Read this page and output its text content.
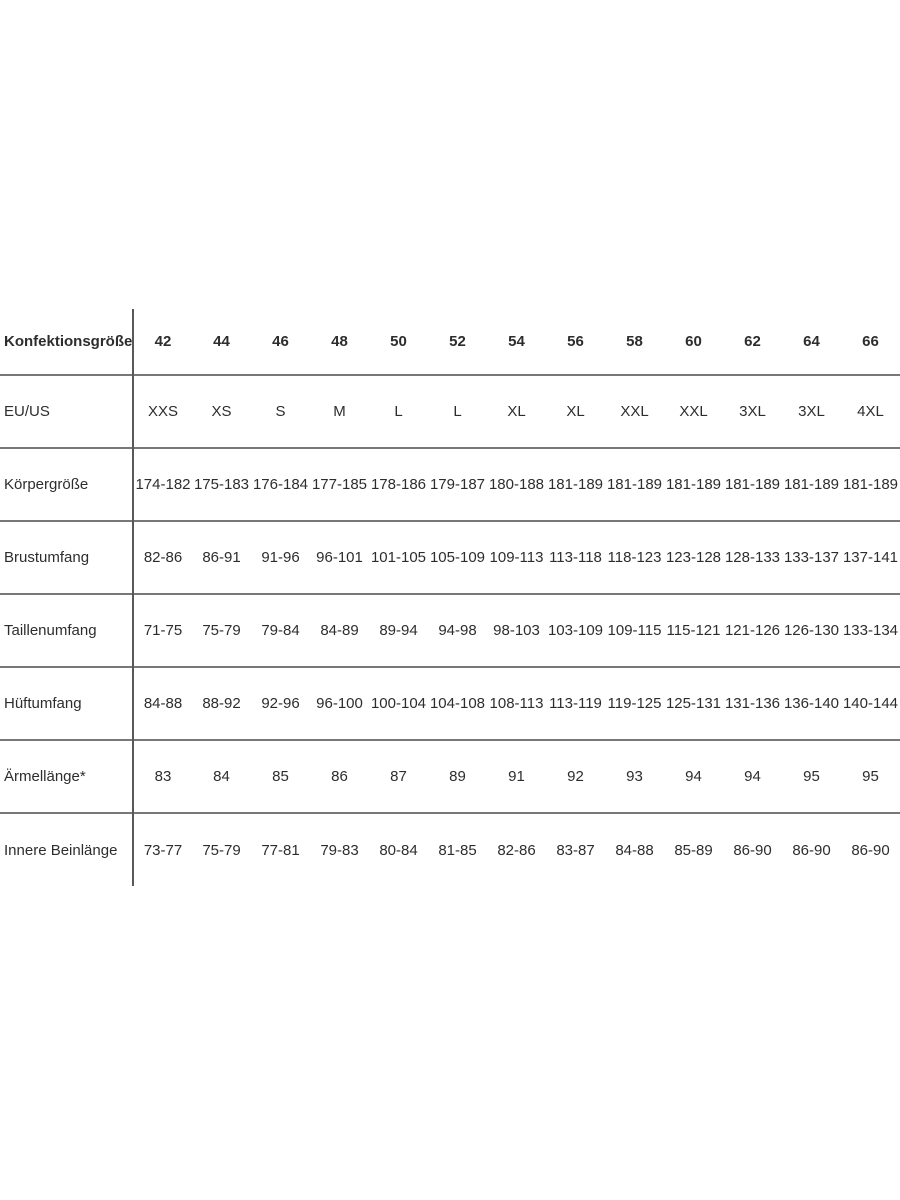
Konfektionsgröße	42	44	46	48	50	52	54	56	58	60	62	64	66
EU/US	XXS	XS	S	M	L	L	XL	XL	XXL	XXL	3XL	3XL	4XL
Körpergröße	174-182	175-183	176-184	177-185	178-186	179-187	180-188	181-189	181-189	181-189	181-189	181-189	181-189
Brustumfang	82-86	86-91	91-96	96-101	101-105	105-109	109-113	113-118	118-123	123-128	128-133	133-137	137-141
Taillenumfang	71-75	75-79	79-84	84-89	89-94	94-98	98-103	103-109	109-115	115-121	121-126	126-130	133-134
Hüftumfang	84-88	88-92	92-96	96-100	100-104	104-108	108-113	113-119	119-125	125-131	131-136	136-140	140-144
Ärmellänge*	83	84	85	86	87	89	91	92	93	94	94	95	95
Innere Beinlänge	73-77	75-79	77-81	79-83	80-84	81-85	82-86	83-87	84-88	85-89	86-90	86-90	86-90
